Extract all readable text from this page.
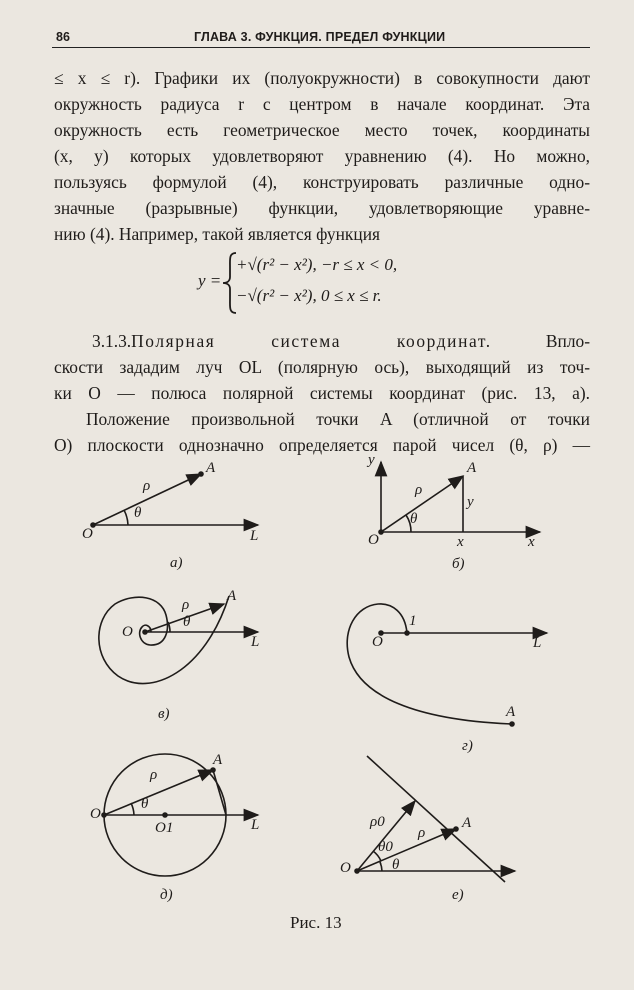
86	ГЛАВА 3. ФУНКЦИЯ. ПРЕДЕЛ ФУНКЦИИ
≤ x ≤ r). Графики их (полуокружности) в совокупности дают
окружность радиуса r с центром в начале координат. Эта
окружность есть геометрическое место точек, координаты
(x, y) которых удовлетворяют уравнению (4). Но можно,
пользуясь формулой (4), конструировать различные одно-
значные (разрывные) функции, удовлетворяющие уравне-
нию (4). Например, такой является функция
y =
+√(r² − x²), −r ≤ x < 0,
−√(r² − x²), 0 ≤ x ≤ r.
3.1.3.Полярная система координат.	Впло-
скости зададим луч OL (полярную ось), выходящий из точ-
ки O — полюса полярной системы координат (рис. 13, а).
Положение произвольной точки A (отличной от точки
O) плоскости однозначно определяется парой чисел (θ, ρ) —
O
A
ρ
θ
L
а)
y
O
A
ρ
θ
y
x	x
б)
O
A
ρ
θ
L
в)
O
1
L
A
г)
O
A
ρ
θ
O1	L
д)
O
A
ρ0
θ0
ρ
θ
е)
Рис. 13
